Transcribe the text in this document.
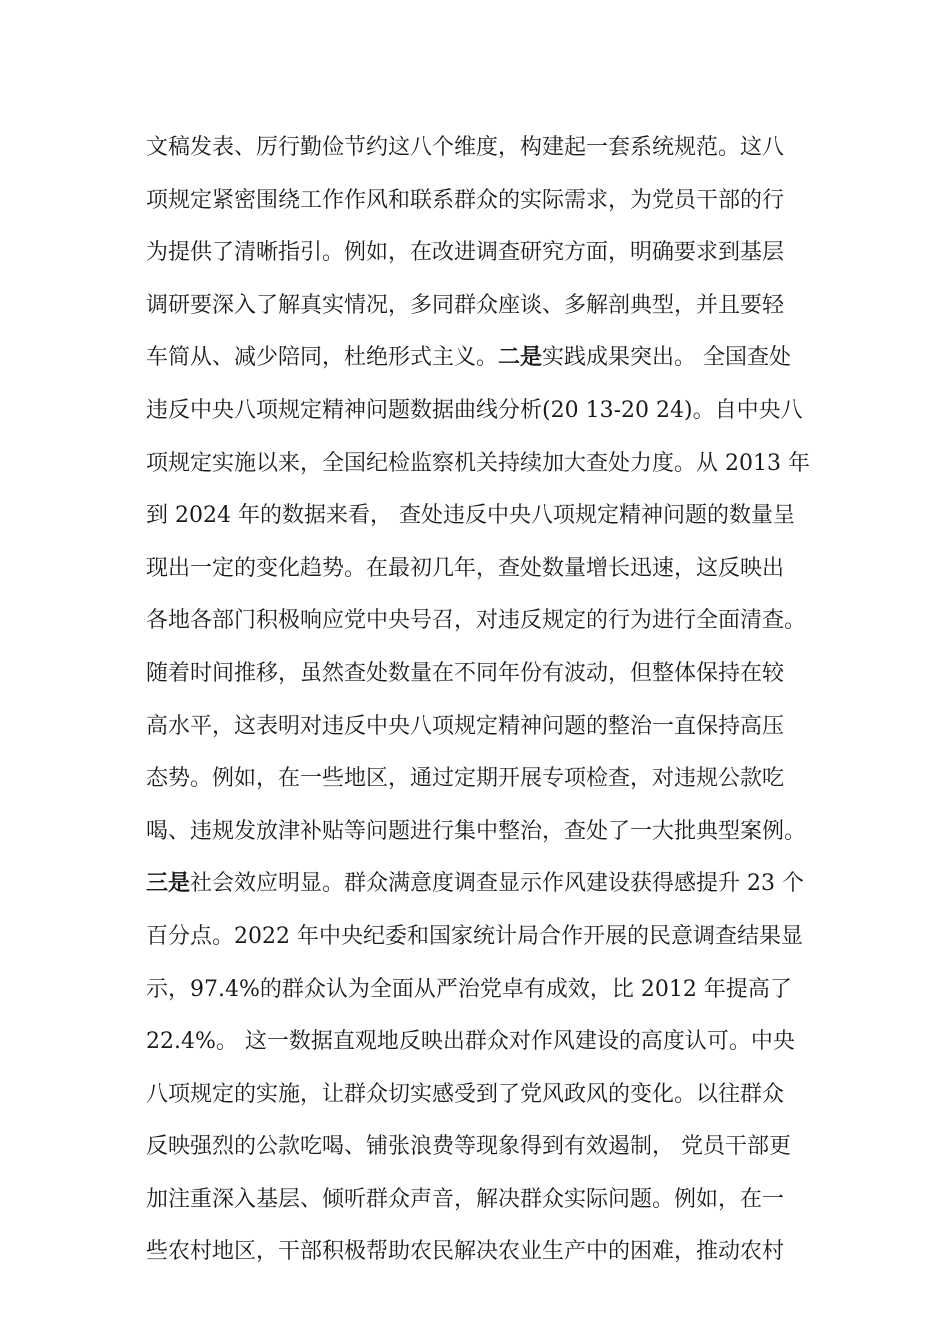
文稿发表、厉行勤俭节约这八个维度，构建起一套系统规范。这八
项规定紧密围绕工作作风和联系群众的实际需求，为党员干部的行
为提供了清晰指引。例如，在改进调查研究方面，明确要求到基层
调研要深入了解真实情况，多同群众座谈、多解剖典型，并且要轻
车简从、减少陪同，杜绝形式主义。二是实践成果突出。 全国查处
违反中央八项规定精神问题数据曲线分析(20 13-20 24)。自中央八
项规定实施以来，全国纪检监察机关持续加大查处力度。从 2013 年
到 2024 年的数据来看， 查处违反中央八项规定精神问题的数量呈
现出一定的变化趋势。在最初几年，查处数量增长迅速，这反映出
各地各部门积极响应党中央号召，对违反规定的行为进行全面清查。
随着时间推移，虽然查处数量在不同年份有波动，但整体保持在较
高水平，这表明对违反中央八项规定精神问题的整治一直保持高压
态势。例如，在一些地区，通过定期开展专项检查，对违规公款吃
喝、违规发放津补贴等问题进行集中整治，查处了一大批典型案例。
三是社会效应明显。群众满意度调查显示作风建设获得感提升 23 个
百分点。2022 年中央纪委和国家统计局合作开展的民意调查结果显
示，97.4%的群众认为全面从严治党卓有成效，比 2012 年提高了
22.4%。 这一数据直观地反映出群众对作风建设的高度认可。中央
八项规定的实施，让群众切实感受到了党风政风的变化。以往群众
反映强烈的公款吃喝、铺张浪费等现象得到有效遏制， 党员干部更
加注重深入基层、倾听群众声音，解决群众实际问题。例如，在一
些农村地区，干部积极帮助农民解决农业生产中的困难，推动农村
